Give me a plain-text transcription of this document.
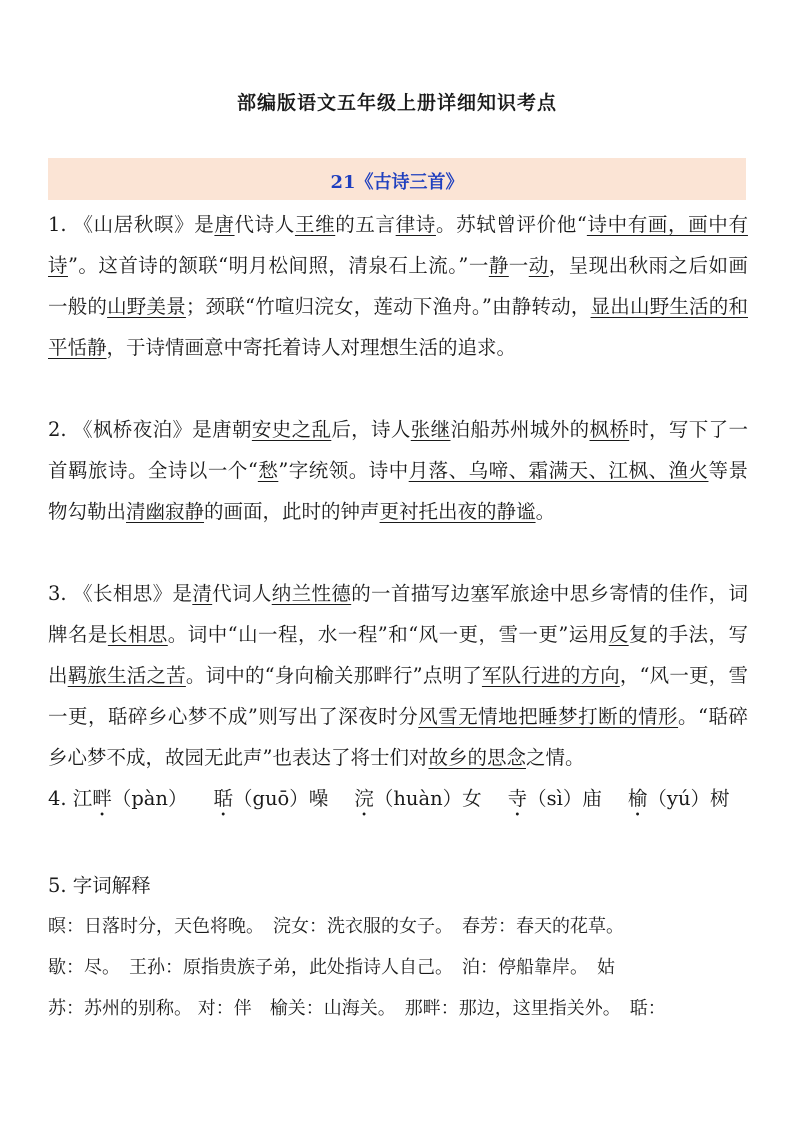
部编版语文五年级上册详细知识考点
21《古诗三首》
1. 《山居秋暝》是唐代诗人王维的五言律诗。苏轼曾评价他“诗中有画，画中有诗”。这首诗的颔联“明月松间照，清泉石上流。”一静一动，呈现出秋雨之后如画一般的山野美景；颈联“竹喧归浣女，莲动下渔舟。”由静转动，显出山野生活的和平恬静，于诗情画意中寄托着诗人对理想生活的追求。
2. 《枫桥夜泊》是唐朝安史之乱后，诗人张继泊船苏州城外的枫桥时，写下了一首羁旅诗。全诗以一个“愁”字统领。诗中月落、乌啼、霜满天、江枫、渔火等景物勾勒出清幽寂静的画面，此时的钟声更衬托出夜的静谧。
3. 《长相思》是清代词人纳兰性德的一首描写边塞军旅途中思乡寄情的佳作，词牌名是长相思。词中“山一程，水一程”和“风一更，雪一更”运用反复的手法，写出羁旅生活之苦。词中的“身向榆关那畔行”点明了军队行进的方向，“风一更，雪一更，聒碎乡心梦不成”则写出了深夜时分风雪无情地把睡梦打断的情形。“聒碎乡心梦不成，故园无此声”也表达了将士们对故乡的思念之情。
4. 江畔（pàn） 聒（guō）噪 浣（huàn）女 寺（sì）庙 榆（yú）树
5. 字词解释
暝：日落时分，天色将晚。　浣女：洗衣服的女子。　春芳：春天的花草。
歇：尽。　王孙：原指贵族子弟，此处指诗人自己。　泊：停船靠岸。　姑
苏：苏州的别称。 对：伴　榆关：山海关。　那畔：那边，这里指关外。　聒：
